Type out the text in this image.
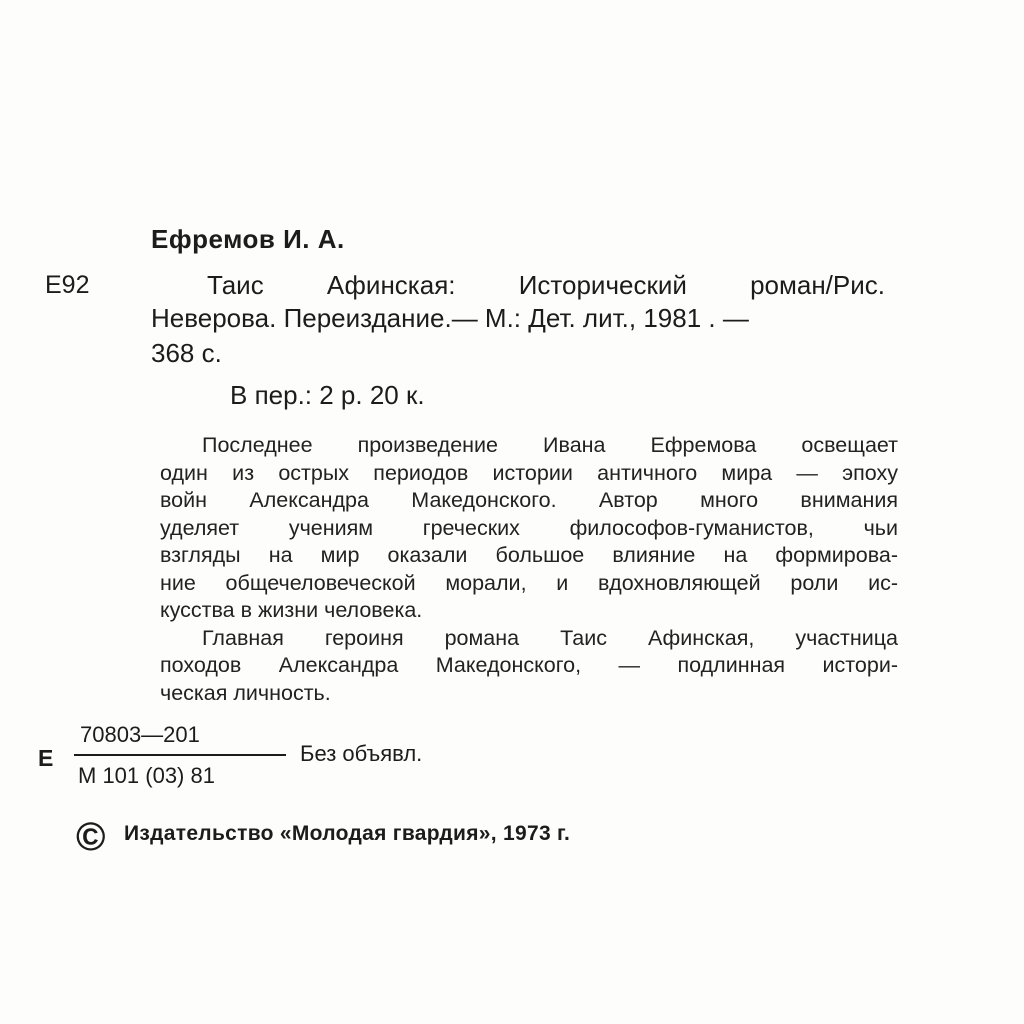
Ефремов И. А.
Е92	Таис Афинская: Исторический роман/Рис.
Неверова. Переиздание.— М.: Дет. лит., 1981 . —
368 с.
В пер.: 2 р. 20 к.
Последнее произведение Ивана Ефремова освещает
один из острых периодов истории античного мира — эпоху
войн Александра Македонского. Автор много внимания
уделяет учениям греческих философов-гуманистов, чьи
взгляды на мир оказали большое влияние на формирова-
ние общечеловеческой морали, и вдохновляющей роли ис-
кусства в жизни человека.
Главная героиня романа Таис Афинская, участница
походов Александра Македонского, — подлинная истори-
ческая личность.
Е
70803—201
М 101 (03) 81
Без объявл.
© Издательство «Молодая гвардия», 1973 г.
